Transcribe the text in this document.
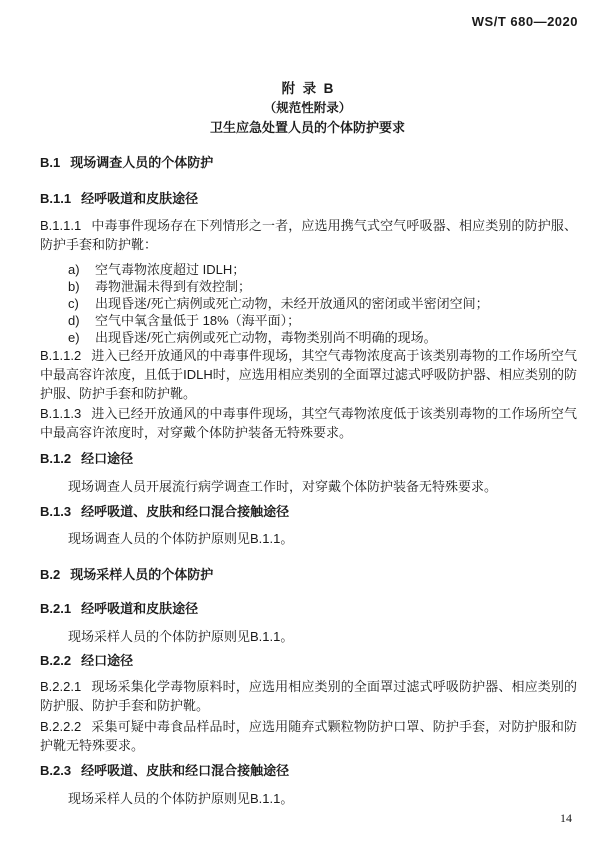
WS/T 680—2020
附  录  B
（规范性附录）
卫生应急处置人员的个体防护要求
B.1 现场调查人员的个体防护
B.1.1 经呼吸道和皮肤途径
B.1.1.1 中毒事件现场存在下列情形之一者，应选用携气式空气呼吸器、相应类别的防护服、防护手套和防护靴：
a)	空气毒物浓度超过 IDLH；
b)	毒物泄漏未得到有效控制；
c)	出现昏迷/死亡病例或死亡动物，未经开放通风的密闭或半密闭空间；
d)	空气中氧含量低于 18%（海平面）；
e)	出现昏迷/死亡病例或死亡动物，毒物类别尚不明确的现场。
B.1.1.2 进入已经开放通风的中毒事件现场，其空气毒物浓度高于该类别毒物的工作场所空气中最高容许浓度，且低于IDLH时，应选用相应类别的全面罩过滤式呼吸防护器、相应类别的防护服、防护手套和防护靴。
B.1.1.3 进入已经开放通风的中毒事件现场，其空气毒物浓度低于该类别毒物的工作场所空气中最高容许浓度时，对穿戴个体防护装备无特殊要求。
B.1.2 经口途径
现场调查人员开展流行病学调查工作时，对穿戴个体防护装备无特殊要求。
B.1.3 经呼吸道、皮肤和经口混合接触途径
现场调查人员的个体防护原则见B.1.1。
B.2 现场采样人员的个体防护
B.2.1 经呼吸道和皮肤途径
现场采样人员的个体防护原则见B.1.1。
B.2.2 经口途径
B.2.2.1 现场采集化学毒物原料时，应选用相应类别的全面罩过滤式呼吸防护器、相应类别的防护服、防护手套和防护靴。
B.2.2.2 采集可疑中毒食品样品时，应选用随弃式颗粒物防护口罩、防护手套，对防护服和防护靴无特殊要求。
B.2.3 经呼吸道、皮肤和经口混合接触途径
现场采样人员的个体防护原则见B.1.1。
14
